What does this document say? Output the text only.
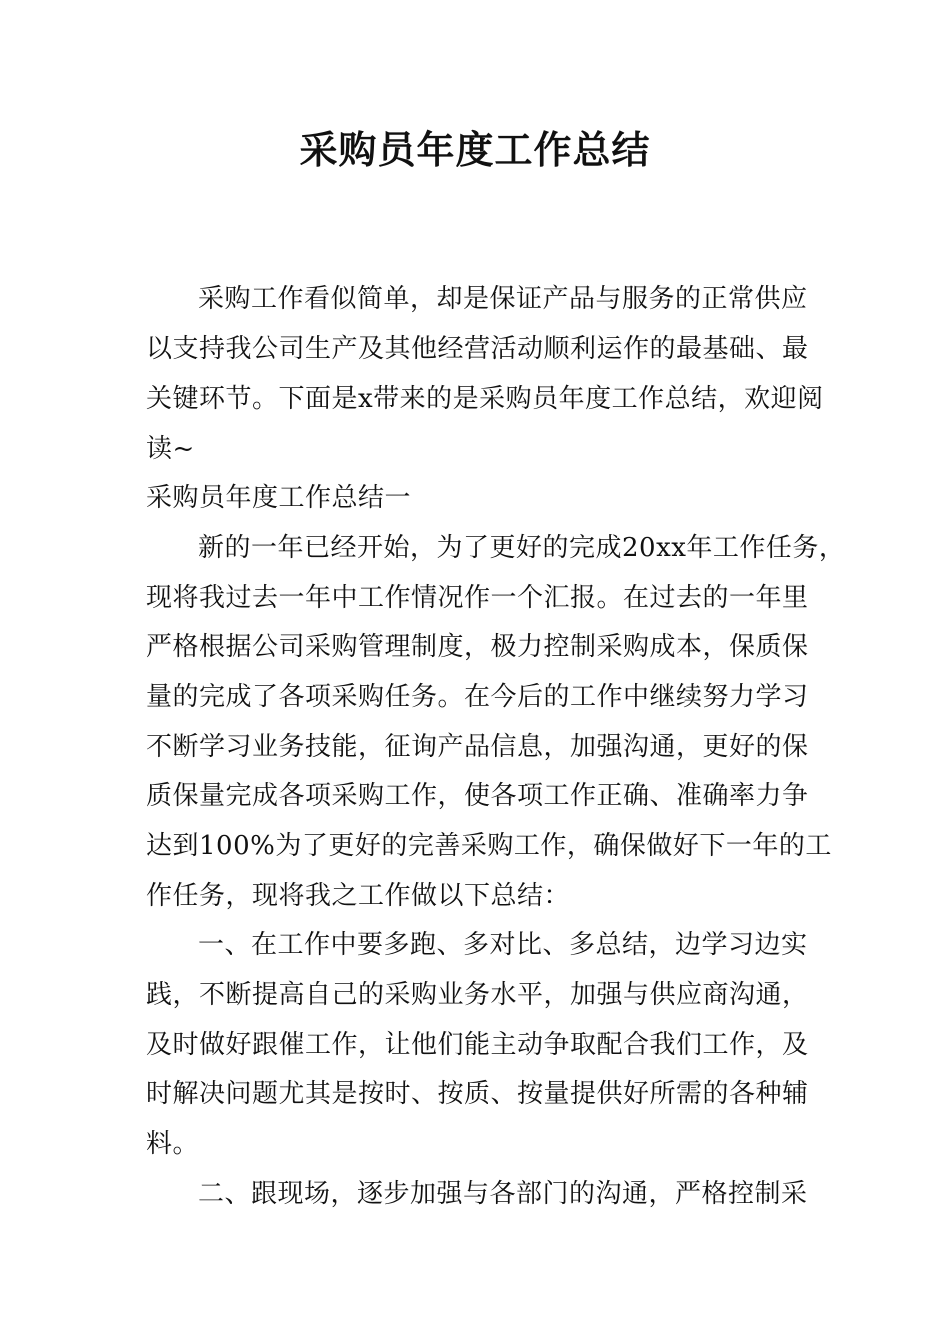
采购员年度工作总结

采购工作看似简单，却是保证产品与服务的正常供应

以支持我公司生产及其他经营活动顺利运作的最基础、最

关键环节。下面是x带来的是采购员年度工作总结，欢迎阅

读~

采购员年度工作总结一

新的一年已经开始，为了更好的完成20xx年工作任务，

现将我过去一年中工作情况作一个汇报。在过去的一年里

严格根据公司采购管理制度，极力控制采购成本，保质保

量的完成了各项采购任务。在今后的工作中继续努力学习

不断学习业务技能，征询产品信息，加强沟通，更好的保

质保量完成各项采购工作，使各项工作正确、准确率力争

达到100%为了更好的完善采购工作，确保做好下一年的工

作任务，现将我之工作做以下总结：

一、在工作中要多跑、多对比、多总结，边学习边实

践，不断提高自己的采购业务水平，加强与供应商沟通，

及时做好跟催工作，让他们能主动争取配合我们工作，及

时解决问题尤其是按时、按质、按量提供好所需的各种辅

料。

二、跟现场，逐步加强与各部门的沟通，严格控制采
